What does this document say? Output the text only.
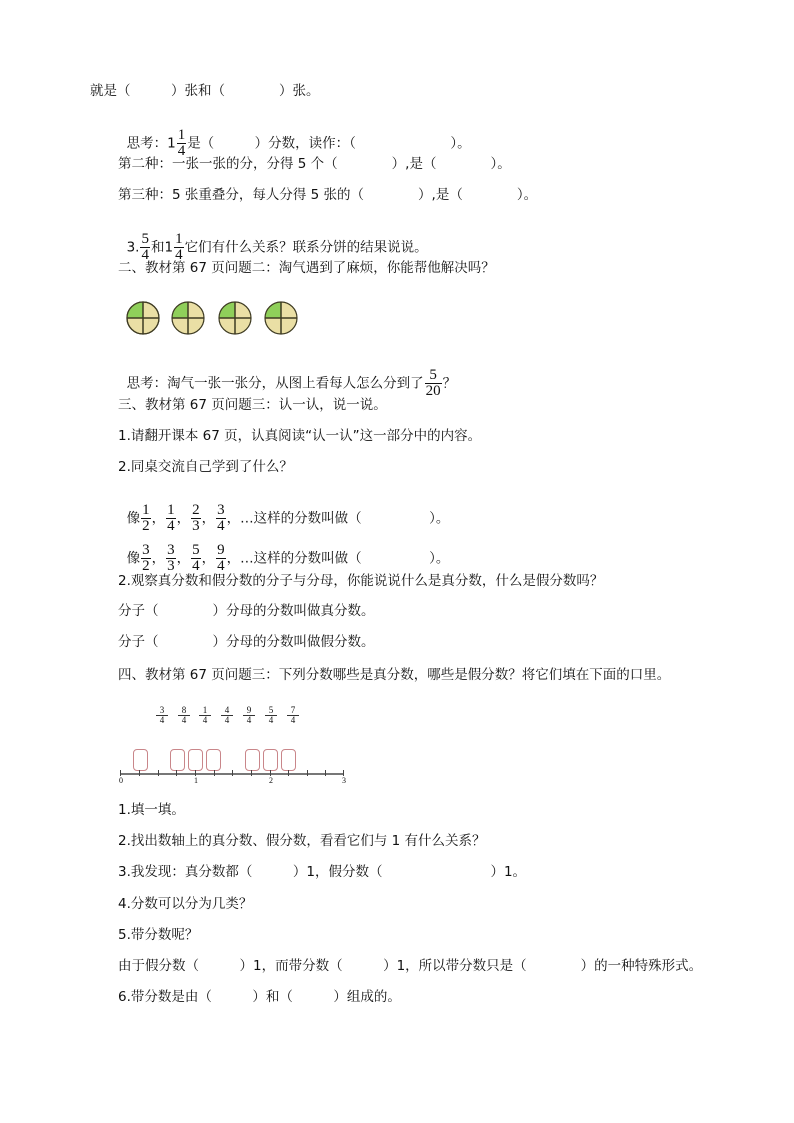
就是（　　　）张和（　　　　）张。

思考：$1 \frac{1}{4}$ 是（　　　）分数，读作：（　　　　　　　）。

第二种：一张一张的分，分得 5 个（　　　　）,是（　　　　）。
第三种：5 张重叠分，每人分得 5 张的（　　　　）,是（　　　　）。

3. $\frac{5}{4}$ 和$1 \frac{1}{4}$ 它们有什么关系？联系分饼的结果说说。

二、教材第 67 页问题二：淘气遇到了麻烦，你能帮他解决吗？

思考：淘气一张一张分，从图上看每人怎么分到了 $\frac{5}{20}$ ？

三、教材第 67 页问题三：认一认，说一说。
1.请翻开课本 67 页，认真阅读“认一认”这一部分中的内容。
2.同桌交流自己学到了什么？

像 $\frac{1}{2}$ ， $\frac{1}{4}$ ， $\frac{2}{3}$ ， $\frac{3}{4}$ ，…这样的分数叫做（　　　　　）。

像 $\frac{3}{2}$ ， $\frac{3}{3}$ ， $\frac{5}{4}$ ， $\frac{9}{4}$ ，…这样的分数叫做（　　　　　）。

2.观察真分数和假分数的分子与分母，你能说说什么是真分数，什么是假分数吗？
分子（　　　　）分母的分数叫做真分数。
分子（　　　　）分母的分数叫做假分数。
四、教材第 67 页问题三：下列分数哪些是真分数，哪些是假分数？将它们填在下面的口里。
$\frac{3}{4} \frac{8}{4} \frac{1}{4} \frac{4}{4} \frac{9}{4} \frac{5}{4} \frac{7}{4}$
0	1	2	3
1.填一填。
2.找出数轴上的真分数、假分数，看看它们与 1 有什么关系？
3.我发现：真分数都（　　　）1，假分数（　　　　　　　　）1。
4.分数可以分为几类？
5.带分数呢？
由于假分数（　　　）1，而带分数（　　　）1，所以带分数只是（　　　　）的一种特殊形式。
6.带分数是由（　　　）和（　　　）组成的。
